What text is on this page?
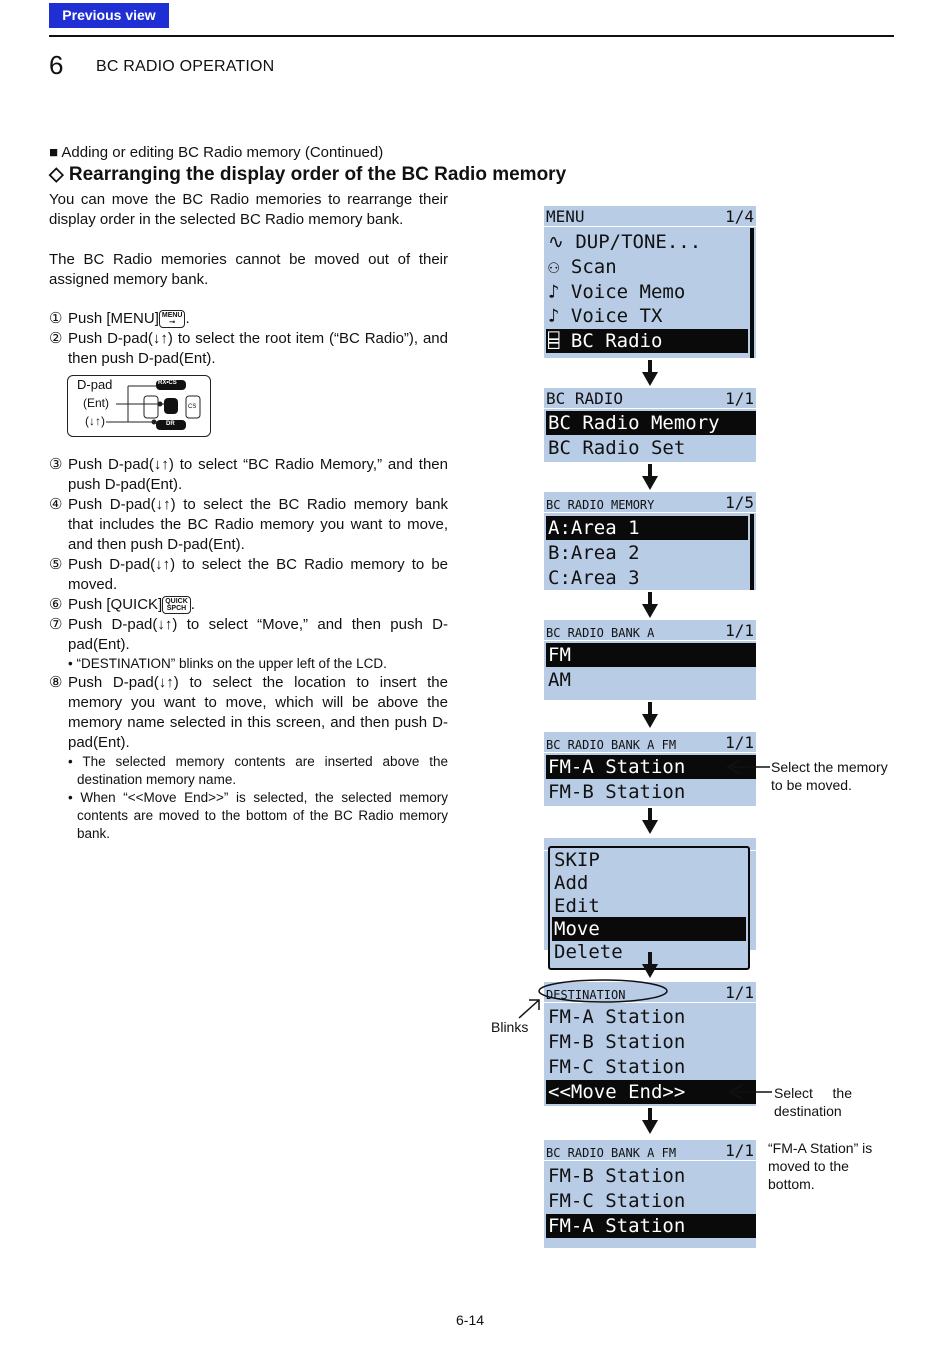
Previous view
6 BC RADIO OPERATION
■ Adding or editing BC Radio memory (Continued)
◇ Rearranging the display order of the BC Radio memory
You can move the BC Radio memories to rearrange their display order in the selected BC Radio memory bank.
The BC Radio memories cannot be moved out of their assigned memory bank.
① Push [MENU] MENU
⊸ .
② Push D-pad(↓↑) to select the root item (“BC Radio”), and then push D-pad(Ent).
③ Push D-pad(↓↑) to select “BC Radio Memory,” and then push D-pad(Ent).
④ Push D-pad(↓↑) to select the BC Radio memory bank that includes the BC Radio memory you want to move, and then push D-pad(Ent).
⑤ Push D-pad(↓↑) to select the BC Radio memory to be moved.
⑥ Push [QUICK] QUICK
SPCH .
⑦ Push D-pad(↓↑) to select “Move,” and then push D-pad(Ent).
• “DESTINATION” blinks on the upper left of the LCD.
⑧ Push D-pad(↓↑) to select the location to insert the memory you want to move, which will be above the memory name selected in this screen, and then push D-pad(Ent).
• The selected memory contents are inserted above the destination memory name.
• When “<<Move End>>” is selected, the selected memory contents are moved to the bottom of the BC Radio memory bank.
D-pad
(Ent)
(↓↑)
RX•CS
DR
CS
MENU	1/4
∿ DUP/TONE...
⚇ Scan
♪ Voice Memo
♪ Voice TX
⌸ BC Radio
BC RADIO	1/1
BC Radio Memory
BC Radio Set
BC RADIO MEMORY	1/5
A:Area 1
B:Area 2
C:Area 3
BC RADIO BANK A	1/1
FM
AM
BC RADIO BANK A FM	1/1
FM-A Station
FM-B Station
Select the memory to be moved.
SKIP
Add
Edit
Move
Delete
DESTINATION	1/1
FM-A Station
FM-B Station
FM-C Station
<<Move End>>
Blinks
Select the destination
BC RADIO BANK A FM	1/1
FM-B Station
FM-C Station
FM-A Station
“FM-A Station” is moved to the bottom.
6-14
